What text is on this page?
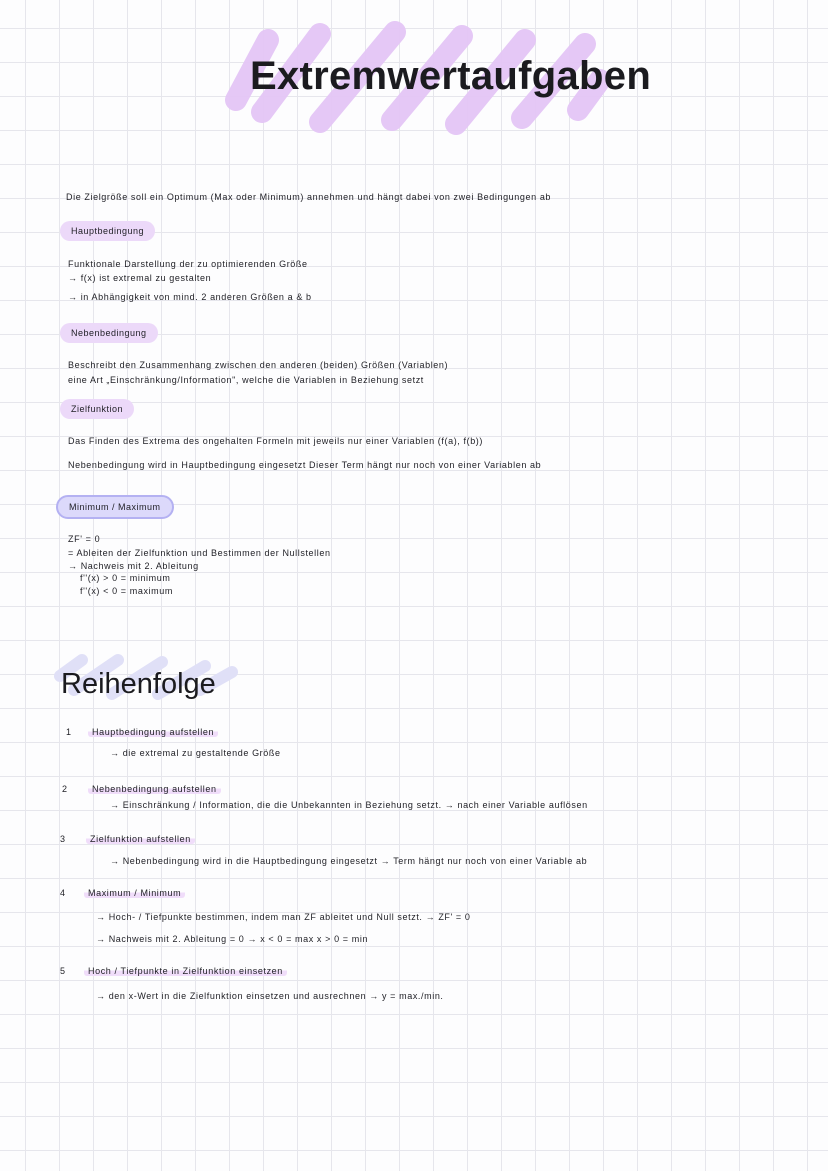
Extremwertaufgaben
Die Zielgröße soll ein Optimum (Max oder Minimum) annehmen und hängt dabei von zwei Bedingungen ab
Hauptbedingung
Funktionale Darstellung der zu optimierenden Größe
→ f(x) ist extremal zu gestalten
→ in Abhängigkeit von mind. 2 anderen Größen a & b
Nebenbedingung
Beschreibt den Zusammenhang zwischen den anderen (beiden) Größen (Variablen)
eine Art „Einschränkung/Information", welche die Variablen in Beziehung setzt
Zielfunktion
Das Finden des Extrema des ongehalten Formeln mit jeweils nur einer Variablen (f(a), f(b))
Nebenbedingung wird in Hauptbedingung eingesetzt Dieser Term hängt nur noch von einer Variablen ab
Minimum / Maximum
ZF' = 0
= Ableiten der Zielfunktion und Bestimmen der Nullstellen
→ Nachweis mit 2. Ableitung
f''(x) > 0 = minimum
f''(x) < 0 = maximum
Reihenfolge
1	Hauptbedingung aufstellen
→ die extremal zu gestaltende Größe
2	Nebenbedingung aufstellen
→ Einschränkung / Information, die die Unbekannten in Beziehung setzt. → nach einer Variable auflösen
3	Zielfunktion aufstellen
→ Nebenbedingung wird in die Hauptbedingung eingesetzt → Term hängt nur noch von einer Variable ab
4	Maximum / Minimum
→ Hoch- / Tiefpunkte bestimmen, indem man ZF ableitet und Null setzt. → ZF' = 0
→ Nachweis mit 2. Ableitung = 0 → x < 0 = max x > 0 = min
5	Hoch / Tiefpunkte in Zielfunktion einsetzen
→ den x-Wert in die Zielfunktion einsetzen und ausrechnen → y = max./min.
